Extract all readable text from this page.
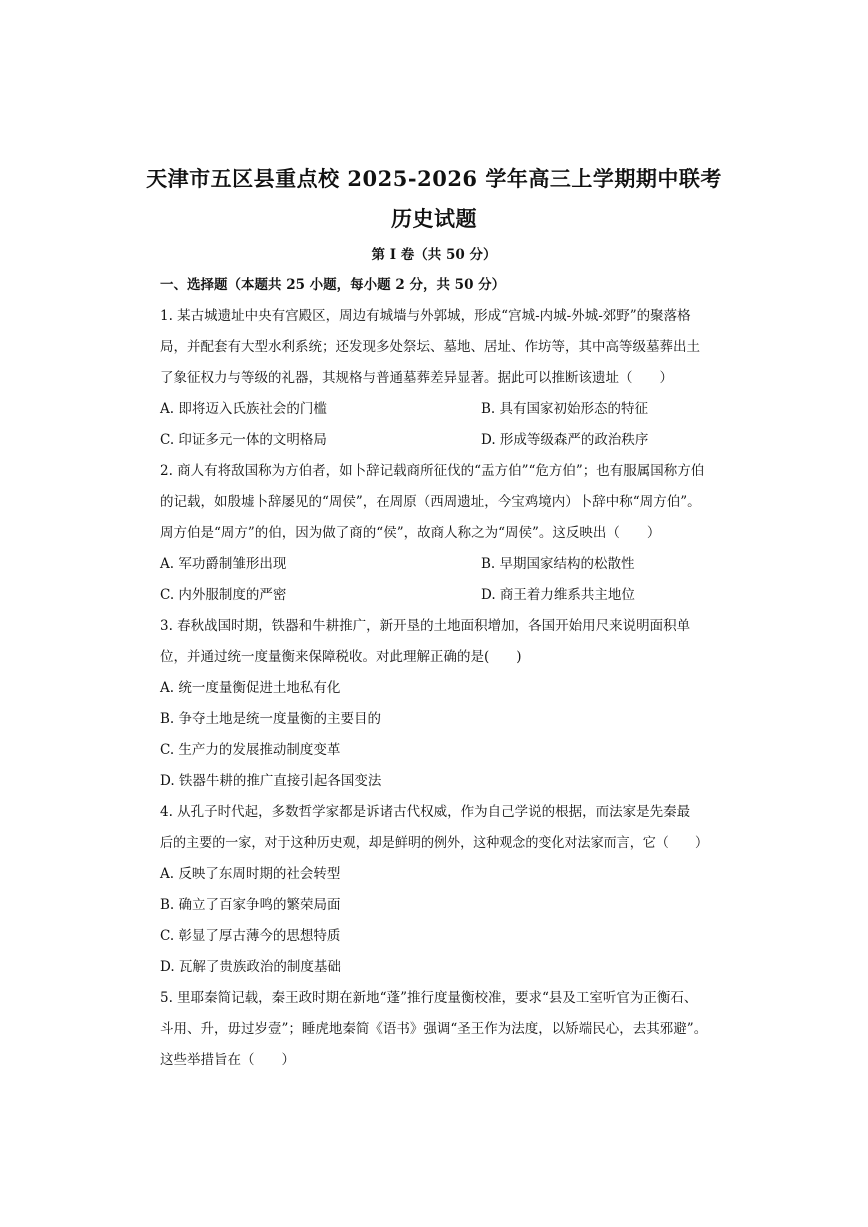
天津市五区县重点校 2025-2026 学年高三上学期期中联考
历史试题
第 I 卷（共 50 分）
一、选择题（本题共 25 小题，每小题 2 分，共 50 分）
1. 某古城遗址中央有宫殿区，周边有城墙与外郭城，形成“宫城-内城-外城-郊野”的聚落格
局，并配套有大型水利系统；还发现多处祭坛、墓地、居址、作坊等，其中高等级墓葬出土
了象征权力与等级的礼器，其规格与普通墓葬差异显著。据此可以推断该遗址（　　）
A. 即将迈入氏族社会的门槛	B. 具有国家初始形态的特征
C. 印证多元一体的文明格局	D. 形成等级森严的政治秩序
2. 商人有将敌国称为方伯者，如卜辞记载商所征伐的“盂方伯”“危方伯”；也有服属国称方伯
的记载，如殷墟卜辞屡见的“周侯”，在周原（西周遗址，今宝鸡境内）卜辞中称“周方伯”。
周方伯是“周方”的伯，因为做了商的“侯”，故商人称之为“周侯”。这反映出（　　）
A. 军功爵制雏形出现	B. 早期国家结构的松散性
C. 内外服制度的严密	D. 商王着力维系共主地位
3. 春秋战国时期，铁器和牛耕推广，新开垦的土地面积增加，各国开始用尺来说明面积单
位，并通过统一度量衡来保障税收。对此理解正确的是(　　)
A. 统一度量衡促进土地私有化
B. 争夺土地是统一度量衡的主要目的
C. 生产力的发展推动制度变革
D. 铁器牛耕的推广直接引起各国变法
4. 从孔子时代起，多数哲学家都是诉诸古代权威，作为自己学说的根据，而法家是先秦最
后的主要的一家，对于这种历史观，却是鲜明的例外，这种观念的变化对法家而言，它（　　）
A. 反映了东周时期的社会转型
B. 确立了百家争鸣的繁荣局面
C. 彰显了厚古薄今的思想特质
D. 瓦解了贵族政治的制度基础
5. 里耶秦简记载，秦王政时期在新地“蓬”推行度量衡校准，要求“县及工室听官为正衡石、
斗用、升，毋过岁壹”；睡虎地秦简《语书》强调“圣王作为法度，以矫端民心，去其邪避”。
这些举措旨在（　　）
